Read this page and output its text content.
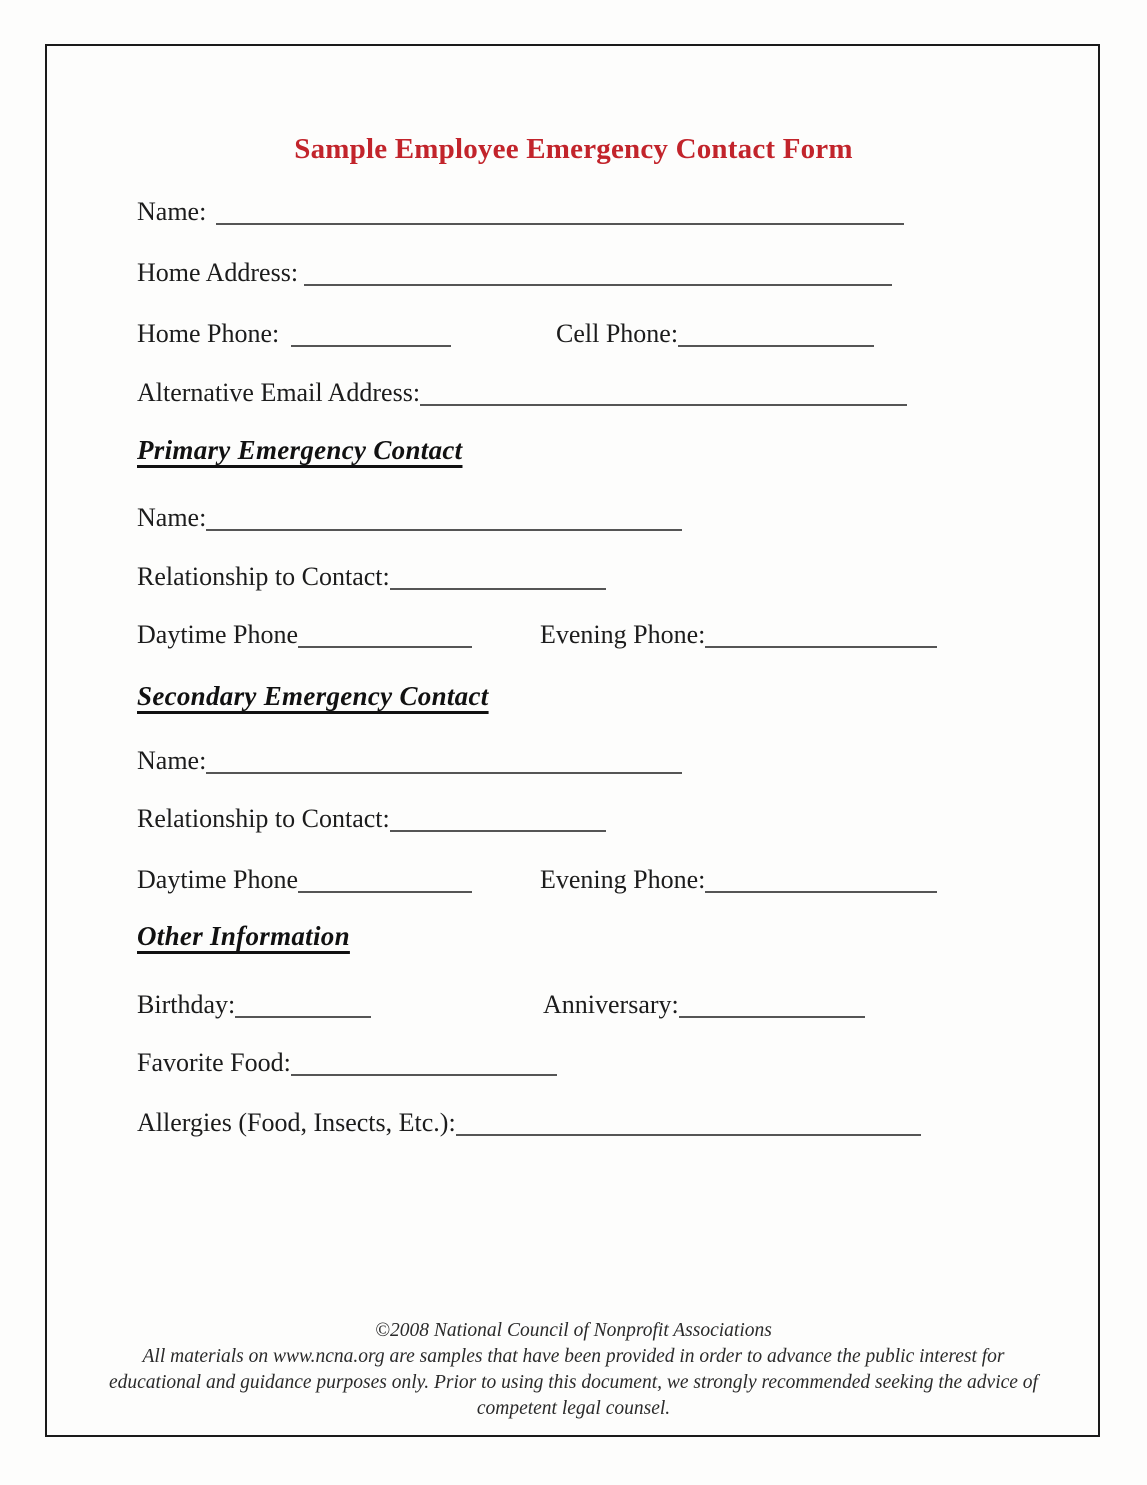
Sample Employee Emergency Contact Form
Name:
Home Address:
Home Phone:	Cell Phone:
Alternative Email Address:
Primary Emergency Contact
Name:
Relationship to Contact:
Daytime Phone	Evening Phone:
Secondary Emergency Contact
Name:
Relationship to Contact:
Daytime Phone	Evening Phone:
Other Information
Birthday:	Anniversary:
Favorite Food:
Allergies (Food, Insects, Etc.):

©2008 National Council of Nonprofit Associations

All materials on www.ncna.org are samples that have been provided in order to advance the public interest for educational and guidance purposes only. Prior to using this document, we strongly recommended seeking the advice of competent legal counsel.
